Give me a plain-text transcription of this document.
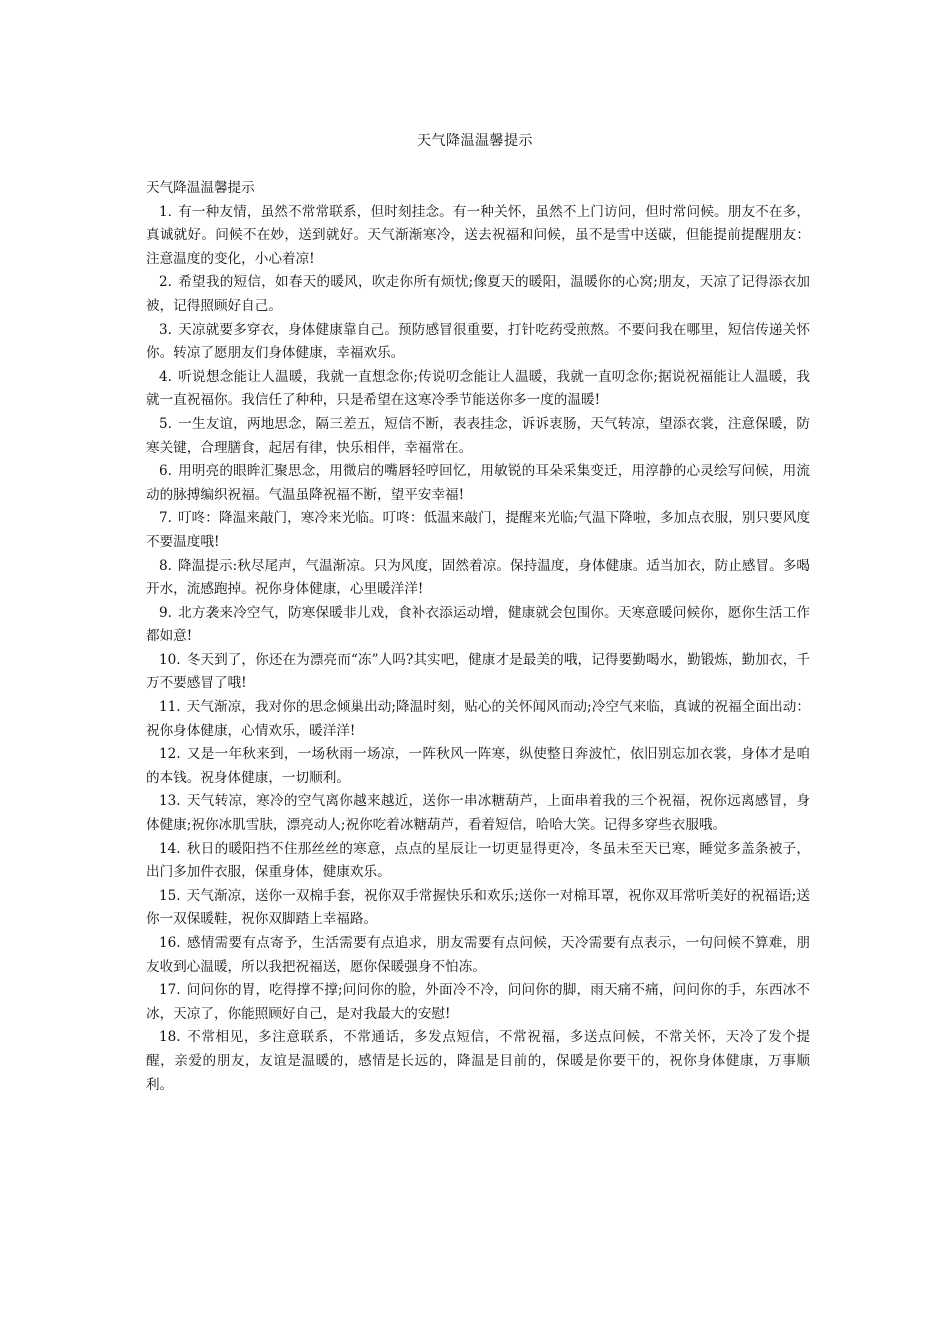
天气降温温馨提示

天气降温温馨提示

1. 有一种友情，虽然不常常联系，但时刻挂念。有一种关怀，虽然不上门访问，但时常问候。朋友不在多，真诚就好。问候不在妙，送到就好。天气渐渐寒冷，送去祝福和问候，虽不是雪中送碳，但能提前提醒朋友：注意温度的变化，小心着凉!

2. 希望我的短信，如春天的暖风，吹走你所有烦忧;像夏天的暖阳，温暖你的心窝;朋友，天凉了记得添衣加被，记得照顾好自己。

3. 天凉就要多穿衣，身体健康靠自己。预防感冒很重要，打针吃药受煎熬。不要问我在哪里，短信传递关怀你。转凉了愿朋友们身体健康，幸福欢乐。

4. 听说想念能让人温暖，我就一直想念你;传说叨念能让人温暖，我就一直叨念你;据说祝福能让人温暖，我就一直祝福你。我信任了种种，只是希望在这寒冷季节能送你多一度的温暖!

5. 一生友谊，两地思念，隔三差五，短信不断，表表挂念，诉诉衷肠，天气转凉，望添衣裳，注意保暖，防寒关键，合理膳食，起居有律，快乐相伴，幸福常在。

6. 用明亮的眼眸汇聚思念，用微启的嘴唇轻哼回忆，用敏锐的耳朵采集变迁，用淳静的心灵绘写问候，用流动的脉搏编织祝福。气温虽降祝福不断，望平安幸福!

7. 叮咚：降温来敲门，寒冷来光临。叮咚：低温来敲门，提醒来光临;气温下降啦，多加点衣服，别只要风度不要温度哦!

8. 降温提示:秋尽尾声，气温渐凉。只为风度，固然着凉。保持温度，身体健康。适当加衣，防止感冒。多喝开水，流感跑掉。祝你身体健康，心里暖洋洋!

9. 北方袭来冷空气，防寒保暖非儿戏，食补衣添运动增，健康就会包围你。天寒意暖问候你，愿你生活工作都如意!

10. 冬天到了，你还在为漂亮而“冻”人吗?其实吧，健康才是最美的哦，记得要勤喝水，勤锻炼，勤加衣，千万不要感冒了哦!

11. 天气渐凉，我对你的思念倾巢出动;降温时刻，贴心的关怀闻风而动;冷空气来临，真诚的祝福全面出动：祝你身体健康，心情欢乐，暖洋洋!

12. 又是一年秋来到，一场秋雨一场凉，一阵秋风一阵寒，纵使整日奔波忙，依旧别忘加衣裳，身体才是咱的本钱。祝身体健康，一切顺利。

13. 天气转凉，寒冷的空气离你越来越近，送你一串冰糖葫芦，上面串着我的三个祝福，祝你远离感冒，身体健康;祝你冰肌雪肤，漂亮动人;祝你吃着冰糖葫芦，看着短信，哈哈大笑。记得多穿些衣服哦。

14. 秋日的暖阳挡不住那丝丝的寒意，点点的星辰让一切更显得更冷，冬虽未至天已寒，睡觉多盖条被子，出门多加件衣服，保重身体，健康欢乐。

15. 天气渐凉，送你一双棉手套，祝你双手常握快乐和欢乐;送你一对棉耳罩，祝你双耳常听美好的祝福语;送你一双保暖鞋，祝你双脚踏上幸福路。

16. 感情需要有点寄予，生活需要有点追求，朋友需要有点问候，天冷需要有点表示，一句问候不算难，朋友收到心温暖，所以我把祝福送，愿你保暖强身不怕冻。

17. 问问你的胃，吃得撑不撑;问问你的脸，外面冷不冷，问问你的脚，雨天痛不痛，问问你的手，东西冰不冰，天凉了，你能照顾好自己，是对我最大的安慰!

18. 不常相见，多注意联系，不常通话，多发点短信，不常祝福，多送点问候，不常关怀，天冷了发个提醒，亲爱的朋友，友谊是温暖的，感情是长远的，降温是目前的，保暖是你要干的，祝你身体健康，万事顺利。
